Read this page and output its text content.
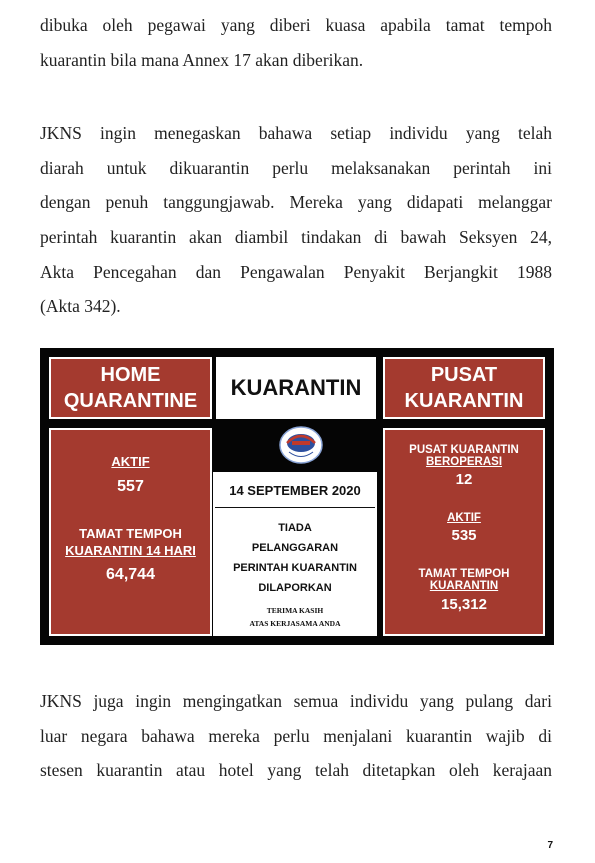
dibuka oleh pegawai yang diberi kuasa apabila tamat tempoh
kuarantin bila mana Annex 17 akan diberikan.
JKNS ingin menegaskan bahawa setiap individu yang telah
diarah untuk dikuarantin perlu melaksanakan perintah ini
dengan penuh tanggungjawab. Mereka yang didapati melanggar
perintah kuarantin akan diambil tindakan di bawah Seksyen 24,
Akta Pencegahan dan Pengawalan Penyakit Berjangkit 1988
(Akta 342).
HOME
QUARANTINE
KUARANTIN	PUSAT
KUARANTIN
AKTIF
557
TAMAT TEMPOH
KUARANTIN 14 HARI
64,744
14 SEPTEMBER 2020
TIADA
PELANGGARAN
PERINTAH KUARANTIN
DILAPORKAN
TERIMA KASIH
ATAS KERJASAMA ANDA
PUSAT KUARANTIN
BEROPERASI
12
AKTIF
535
TAMAT TEMPOH
KUARANTIN
15,312
JKNS juga ingin mengingatkan semua individu yang pulang dari
luar negara bahawa mereka perlu menjalani kuarantin wajib di
stesen kuarantin atau hotel yang telah ditetapkan oleh kerajaan
7
